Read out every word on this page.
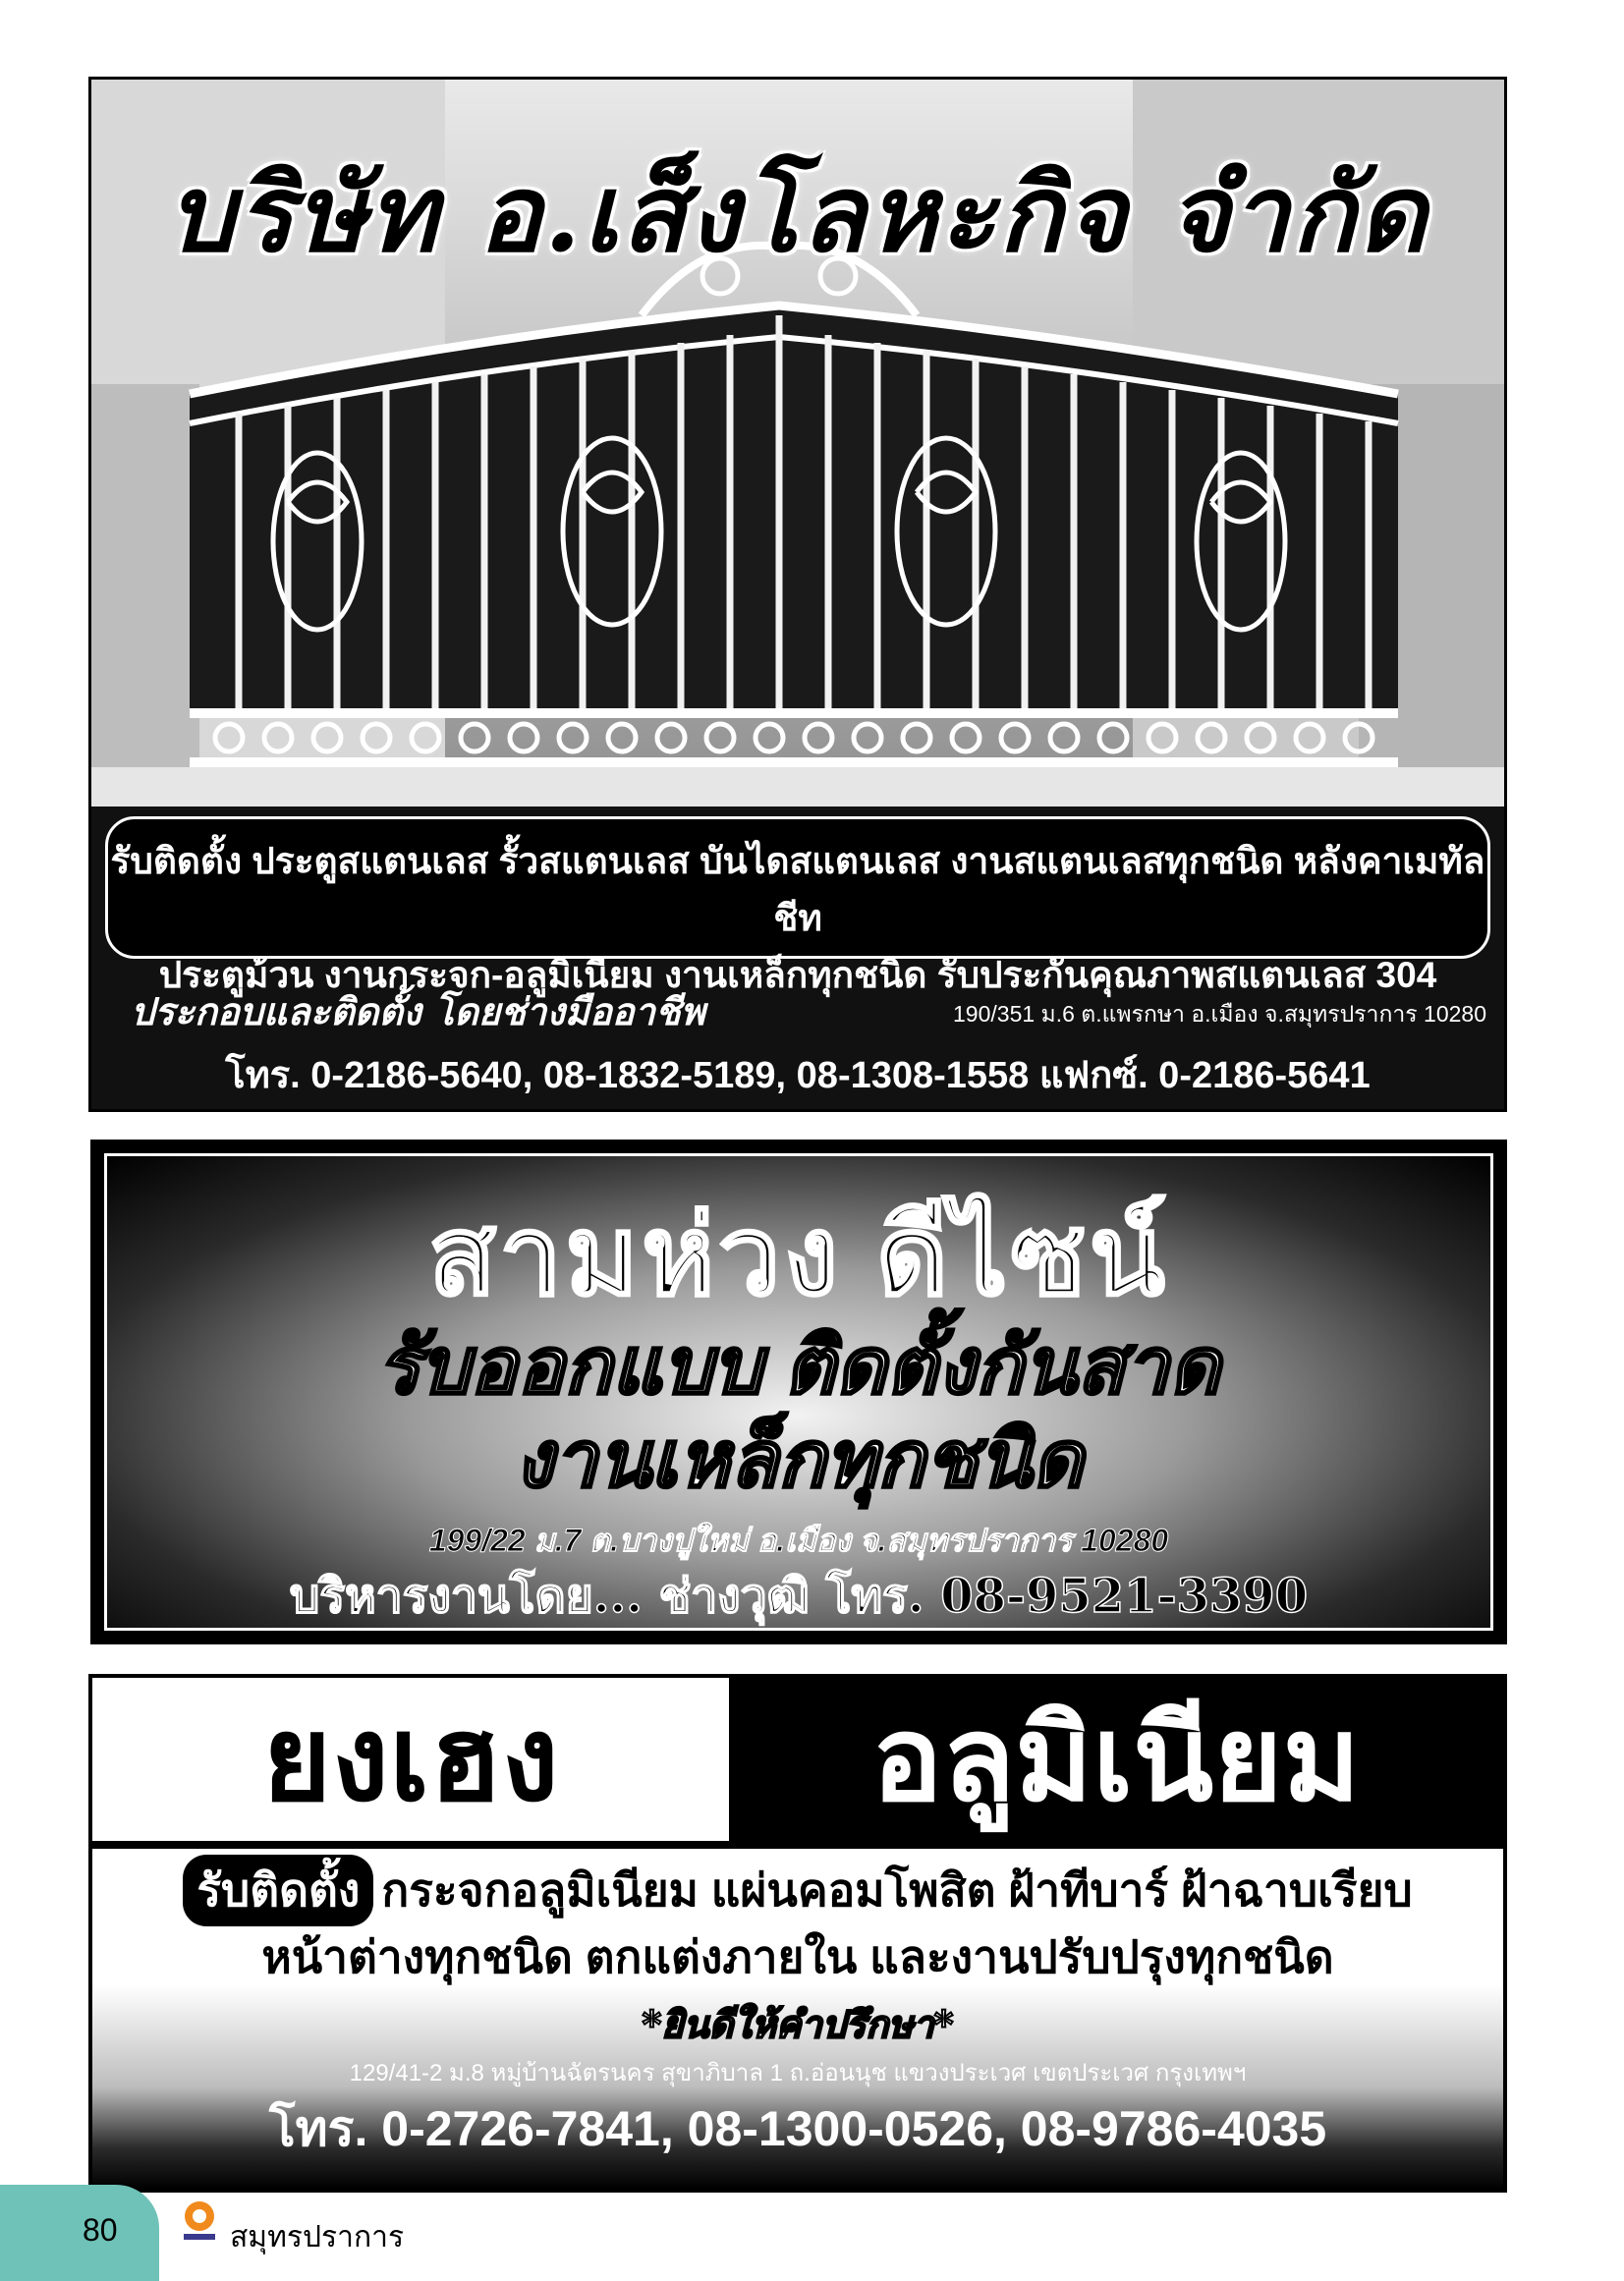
บริษัท อ.เส็งโลหะกิจ จำกัด
รับติดตั้ง ประตูสแตนเลส รั้วสแตนเลส บันไดสแตนเลส งานสแตนเลสทุกชนิด หลังคาเมทัลชีท
ประตูม้วน งานกระจก-อลูมิเนียม งานเหล็กทุกชนิด รับประกันคุณภาพสแตนเลส 304
ประกอบและติดตั้ง โดยช่างมืออาชีพ	190/351 ม.6 ต.แพรกษา อ.เมือง จ.สมุทรปราการ 10280
โทร. 0-2186-5640, 08-1832-5189, 08-1308-1558 แฟกซ์. 0-2186-5641
สามห่วง ดีไซน์
รับออกแบบ ติดตั้งกันสาด
งานเหล็กทุกชนิด
199/22 ม.7 ต.บางปูใหม่ อ.เมือง จ.สมุทรปราการ 10280
บริหารงานโดย... ช่างวุฒิ โทร. 08-9521-3390
ยงเฮง	อลูมิเนียม
รับติดตั้ง กระจกอลูมิเนียม แผ่นคอมโพสิต ฝ้าทีบาร์ ฝ้าฉาบเรียบ
หน้าต่างทุกชนิด ตกแต่งภายใน และงานปรับปรุงทุกชนิด
*ยินดีให้คำปรึกษา*
129/41-2 ม.8 หมู่บ้านฉัตรนคร สุขาภิบาล 1 ถ.อ่อนนุช แขวงประเวศ เขตประเวศ กรุงเทพฯ
โทร. 0-2726-7841, 08-1300-0526, 08-9786-4035
80	สมุทรปราการ
